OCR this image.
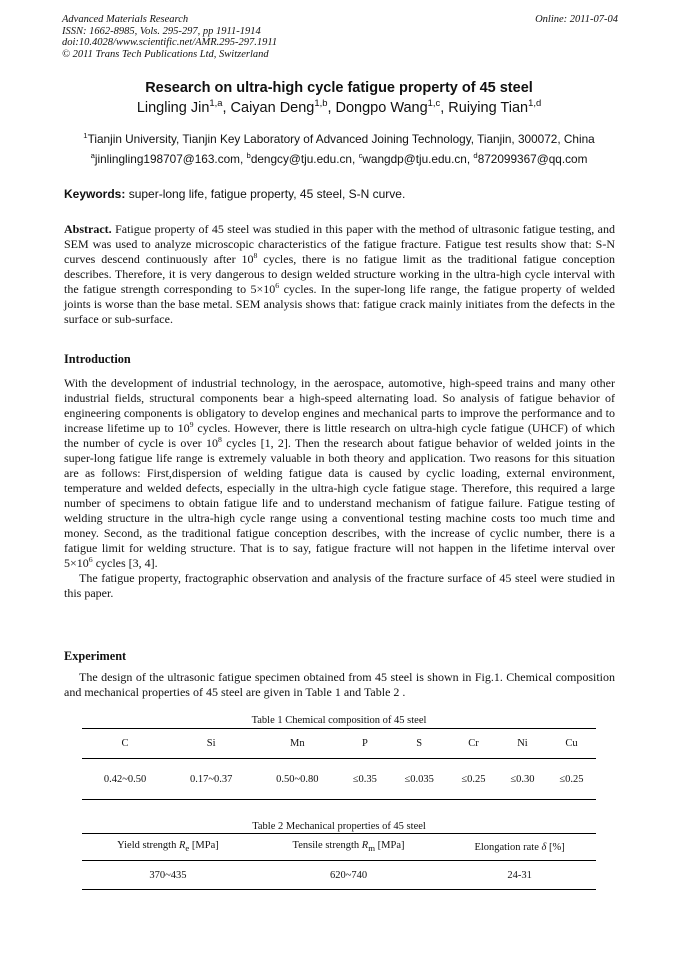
Advanced Materials Research
ISSN: 1662-8985, Vols. 295-297, pp 1911-1914
doi:10.4028/www.scientific.net/AMR.295-297.1911
© 2011 Trans Tech Publications Ltd, Switzerland
Online: 2011-07-04
Research on ultra-high cycle fatigue property of 45 steel
Lingling Jin$^{1,a}$, Caiyan Deng$^{1,b}$, Dongpo Wang$^{1,c}$, Ruiying Tian$^{1,d}$
$^1$Tianjin University, Tianjin Key Laboratory of Advanced Joining Technology, Tianjin, 300072, China
$^a$jinlingling198707@163.com, $^b$dengcy@tju.edu.cn, $^c$wangdp@tju.edu.cn, $^d$872099367@qq.com
Keywords: super-long life, fatigue property, 45 steel, S-N curve.

Abstract. Fatigue property of 45 steel was studied in this paper with the method of ultrasonic fatigue testing, and SEM was used to analyze microscopic characteristics of the fatigue fracture. Fatigue test results show that: S-N curves descend continuously after $10^8$ cycles, there is no fatigue limit as the traditional fatigue conception describes. Therefore, it is very dangerous to design welded structure working in the ultra-high cycle interval with the fatigue strength corresponding to $5\times 10^6$ cycles. In the super-long life range, the fatigue property of welded joints is worse than the base metal. SEM analysis shows that: fatigue crack mainly initiates from the defects in the surface or sub-surface.

Introduction

With the development of industrial technology, in the aerospace, automotive, high-speed trains and many other industrial fields, structural components bear a high-speed alternating load. So analysis of fatigue behavior of engineering components is obligatory to develop engines and mechanical parts to improve the performance and to increase lifetime up to $10^9$ cycles. However, there is little research on ultra-high cycle fatigue (UHCF) of which the number of cycle is over $10^8$ cycles [1, 2]. Then the research about fatigue behavior of welded joints in the super-long fatigue life range is extremely valuable in both theory and application. Two reasons for this situation are as follows: First,dispersion of welding fatigue data is caused by cyclic loading, external environment, temperature and welded defects, especially in the ultra-high cycle fatigue stage. Therefore, this required a large number of specimens to obtain fatigue life and to understand mechanism of fatigue failure. Fatigue testing of welding structure in the ultra-high cycle range using a conventional testing machine costs too much time and money. Second, as the traditional fatigue conception describes, with the increase of cyclic number, there is a fatigue limit for welding structure. That is to say, fatigue fracture will not happen in the lifetime interval over $5\times 10^6$ cycles [3, 4].

The fatigue property, fractographic observation and analysis of the fracture surface of 45 steel were studied in this paper.

Experiment

The design of the ultrasonic fatigue specimen obtained from 45 steel is shown in Fig.1. Chemical composition and mechanical properties of 45 steel are given in Table 1 and Table 2 .

Table 1 Chemical composition of 45 steel
C	Si	Mn	P	S	Cr	Ni	Cu
0.42~0.50	0.17~0.37	0.50~0.80	≤0.35	≤0.035	≤0.25	≤0.30	≤0.25
Table 2 Mechanical properties of 45 steel
Yield strength $R_e$ [MPa]	Tensile strength $R_m$ [MPa]	Elongation rate δ [%]
370~435	620~740	24-31
